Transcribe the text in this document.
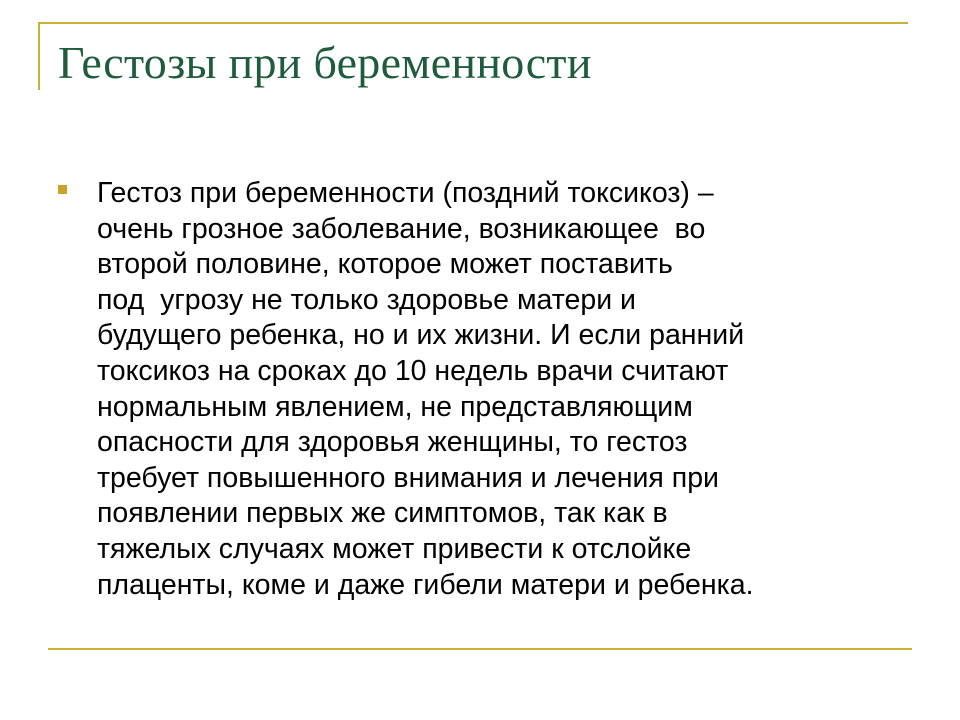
Гестозы при беременности

Гестоз при беременности (поздний токсикоз) –
очень грозное заболевание, возникающее  во
второй половине, которое может поставить
под  угрозу не только здоровье матери и
будущего ребенка, но и их жизни. И если ранний
токсикоз на сроках до 10 недель врачи считают
нормальным явлением, не представляющим
опасности для здоровья женщины, то гестоз
требует повышенного внимания и лечения при
появлении первых же симптомов, так как в
тяжелых случаях может привести к отслойке
плаценты, коме и даже гибели матери и ребенка.
